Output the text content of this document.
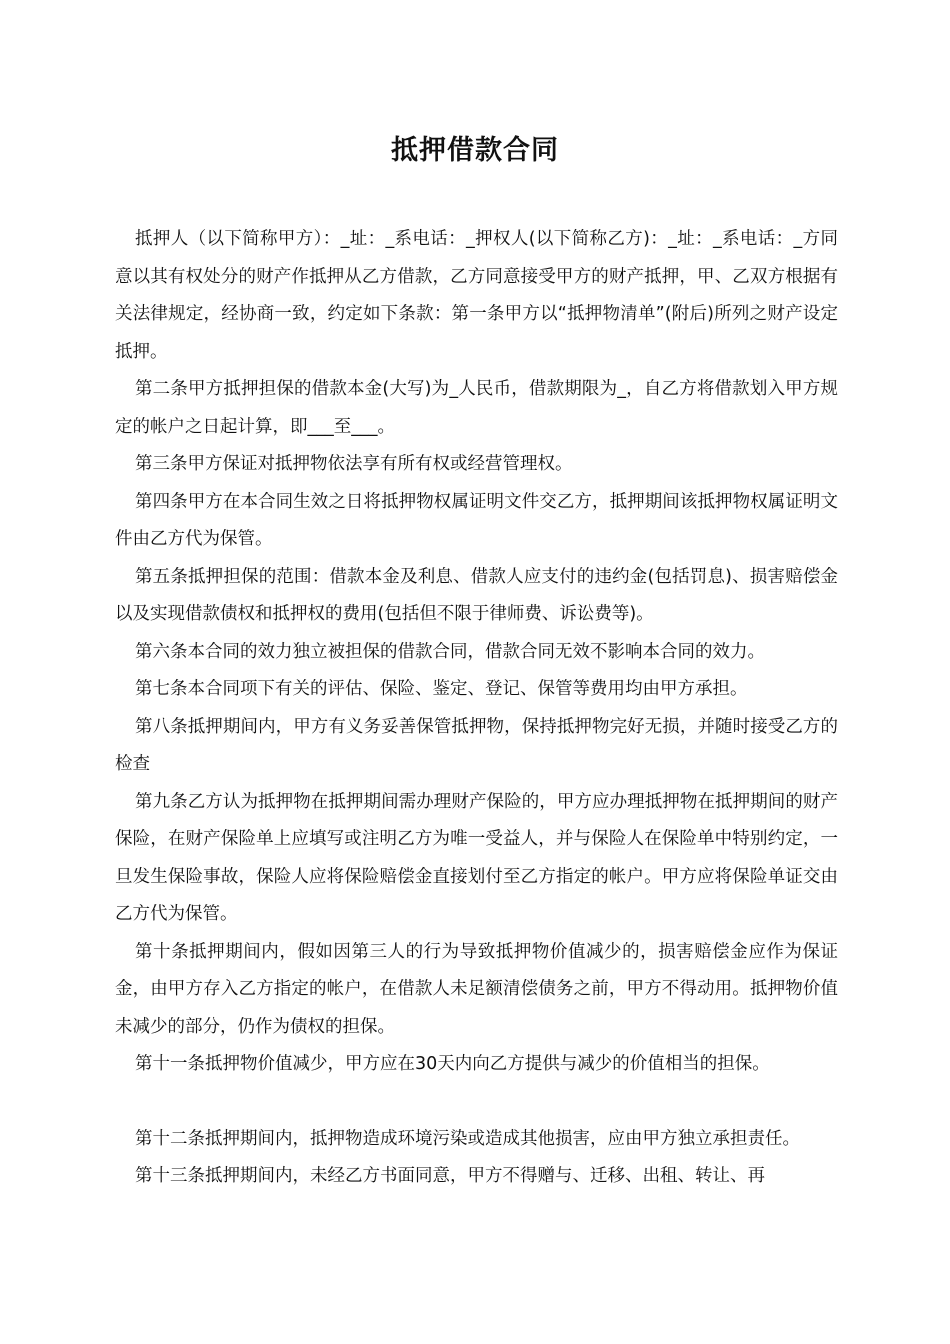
抵押借款合同

抵押人（以下简称甲方）：_址：_系电话：_押权人(以下简称乙方)：_址：_系电话：_方同意以其有权处分的财产作抵押从乙方借款，乙方同意接受甲方的财产抵押，甲、乙双方根据有关法律规定，经协商一致，约定如下条款：第一条甲方以“抵押物清单”(附后)所列之财产设定抵押。

第二条甲方抵押担保的借款本金(大写)为_人民币，借款期限为_，自乙方将借款划入甲方规定的帐户之日起计算，即___至___。

第三条甲方保证对抵押物依法享有所有权或经营管理权。

第四条甲方在本合同生效之日将抵押物权属证明文件交乙方，抵押期间该抵押物权属证明文件由乙方代为保管。

第五条抵押担保的范围：借款本金及利息、借款人应支付的违约金(包括罚息)、损害赔偿金以及实现借款债权和抵押权的费用(包括但不限于律师费、诉讼费等)。

第六条本合同的效力独立被担保的借款合同，借款合同无效不影响本合同的效力。

第七条本合同项下有关的评估、保险、鉴定、登记、保管等费用均由甲方承担。

第八条抵押期间内，甲方有义务妥善保管抵押物，保持抵押物完好无损，并随时接受乙方的检查

第九条乙方认为抵押物在抵押期间需办理财产保险的，甲方应办理抵押物在抵押期间的财产保险，在财产保险单上应填写或注明乙方为唯一受益人，并与保险人在保险单中特别约定，一旦发生保险事故，保险人应将保险赔偿金直接划付至乙方指定的帐户。甲方应将保险单证交由乙方代为保管。

第十条抵押期间内，假如因第三人的行为导致抵押物价值减少的，损害赔偿金应作为保证金，由甲方存入乙方指定的帐户，在借款人未足额清偿债务之前，甲方不得动用。抵押物价值未减少的部分，仍作为债权的担保。

第十一条抵押物价值减少，甲方应在30天内向乙方提供与减少的价值相当的担保。

第十二条抵押期间内，抵押物造成环境污染或造成其他损害，应由甲方独立承担责任。

第十三条抵押期间内，未经乙方书面同意，甲方不得赠与、迁移、出租、转让、再
